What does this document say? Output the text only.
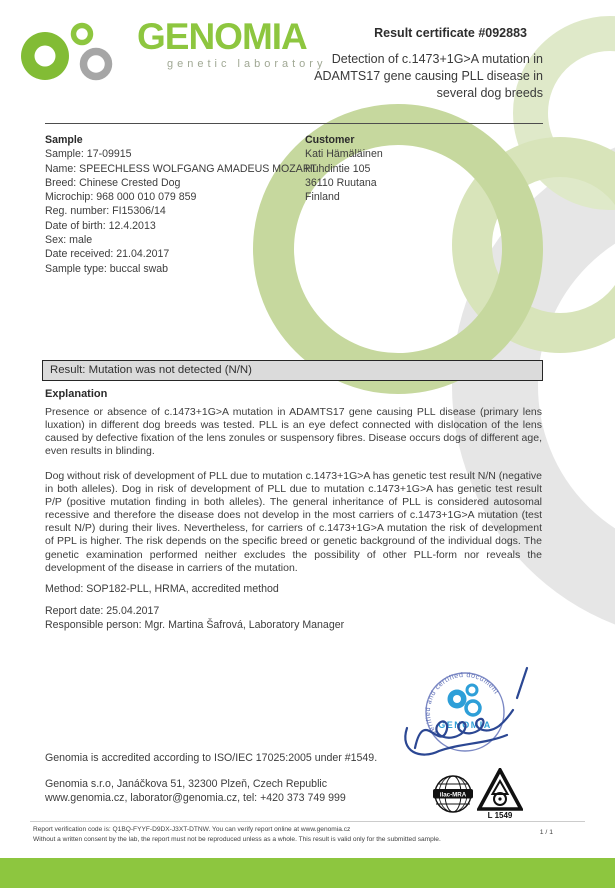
GENOMIA
genetic laboratory
Result certificate #092883
Detection of c.1473+1G>A mutation in
ADAMTS17 gene causing PLL disease in
several dog breeds
Sample
Sample: 17-09915
Name: SPEECHLESS WOLFGANG AMADEUS MOZART
Breed: Chinese Crested Dog
Microchip: 968 000 010 079 859
Reg. number: FI15306/14
Date of birth: 12.4.2013
Sex: male
Date received: 21.04.2017
Sample type: buccal swab
Customer
Kati Hämäläinen
Huhdintie 105
36110 Ruutana
Finland
Result: Mutation was not detected (N/N)
Explanation
Presence or absence of c.1473+1G>A mutation in ADAMTS17 gene causing PLL disease (primary lens luxation) in different dog breeds was tested. PLL is an eye defect connected with dislocation of the lens caused by defective fixation of the lens zonules or suspensory fibres. Disease occurs dogs of different age, even results in blinding.
Dog without risk of development of PLL due to mutation c.1473+1G>A has genetic test result N/N (negative in both alleles). Dog in risk of development of PLL due to mutation c.1473+1G>A has genetic test result P/P (positive mutation finding in both alleles). The general inheritance of PLL is considered autosomal recessive and therefore the disease does not develop in the most carriers of c.1473+1G>A mutation (test result N/P) during their lives. Nevertheless, for carriers of c.1473+1G>A mutation the risk of development of PPL is higher. The risk depends on the specific breed or genetic background of the individual dogs. The genetic examination performed neither excludes the possibility of other PLL-form nor reveals the development of the disease in carriers of the mutation.
Method: SOP182-PLL, HRMA, accredited method
Report date: 25.04.2017
Responsible person: Mgr. Martina Šafrová, Laboratory Manager
verified and certified document
GENOMIA
Genomia is accredited according to ISO/IEC 17025:2005 under #1549.
Genomia s.r.o, Janáčkova 51, 32300 Plzeň, Czech Republic
www.genomia.cz, laborator@genomia.cz, tel: +420 373 749 999	ilac-MRA
L 1549
Report verification code is: Q1BQ-FYYF-D9DX-J3XT-DTNW. You can verify report online at www.genomia.cz
Without a written consent by the lab, the report must not be reproduced unless as a whole. This result is valid only for the submitted sample.
1 / 1
